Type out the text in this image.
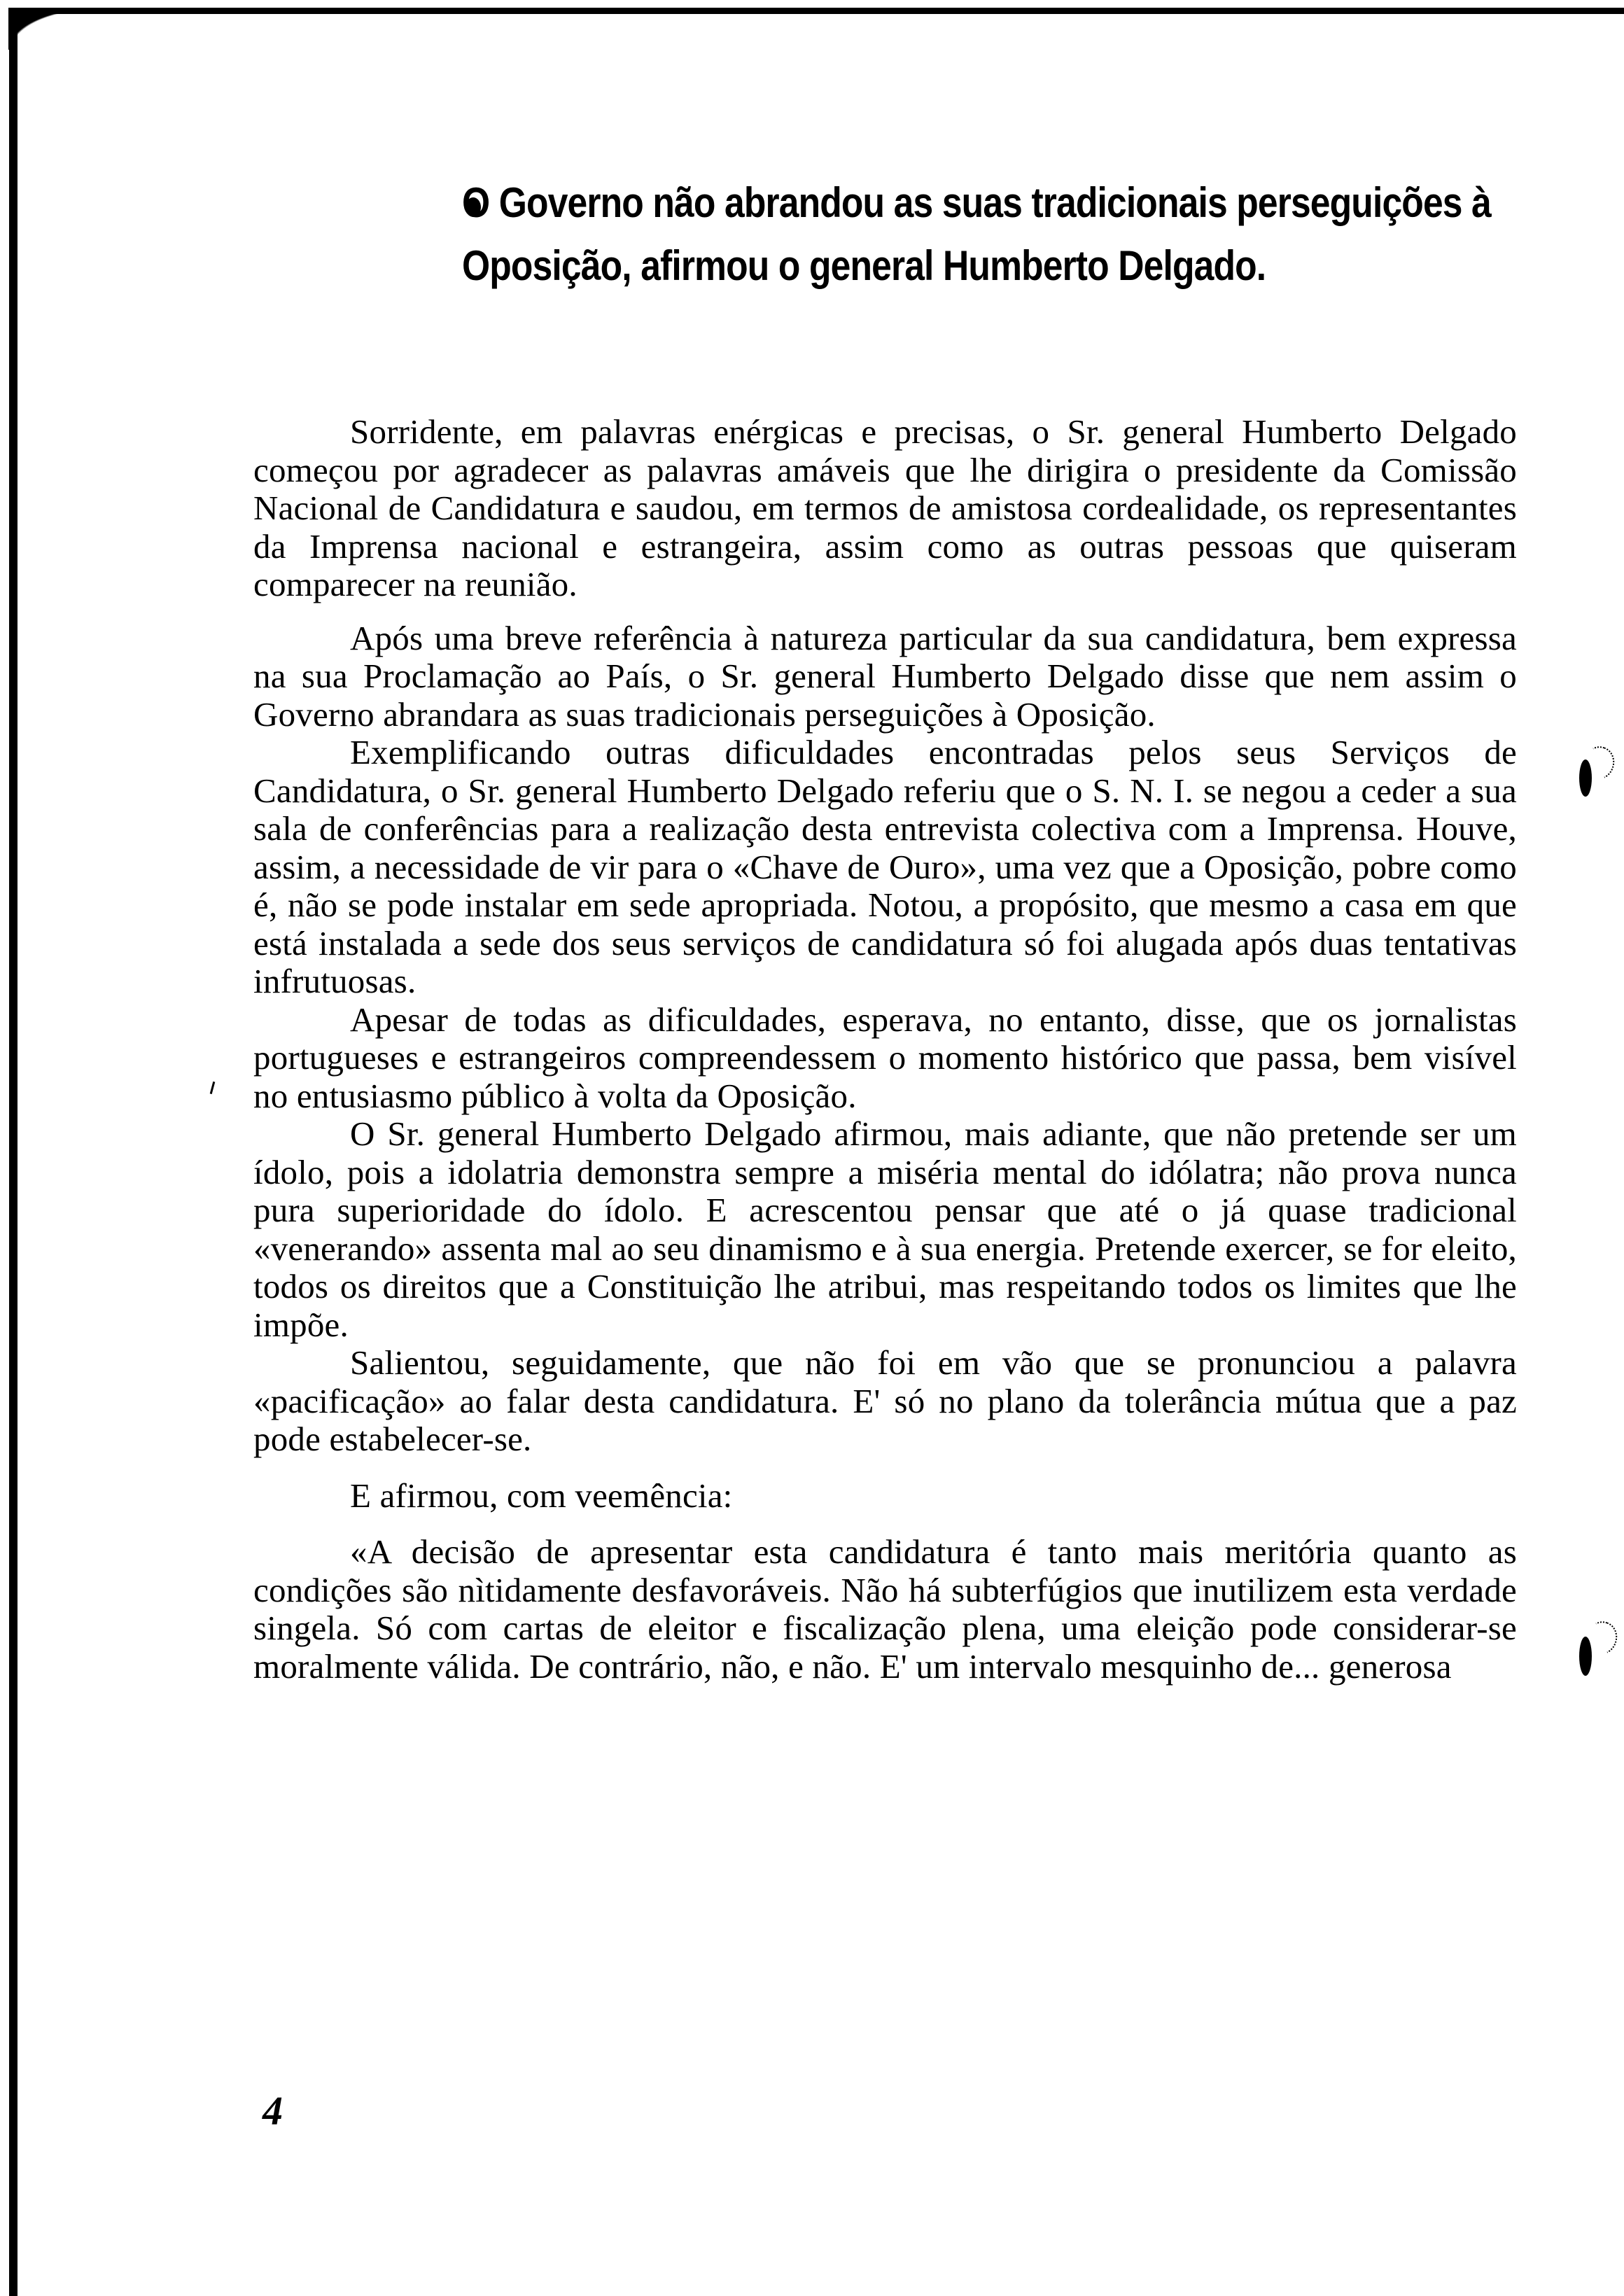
O Governo não abrandou as suas tradicionais perseguições à Oposição, afirmou o general Humberto Delgado.

Sorridente, em palavras enérgicas e precisas, o Sr. general Humberto Delgado começou por agradecer as palavras amáveis que lhe dirigira o presidente da Comissão Nacional de Candidatura e saudou, em termos de amistosa cordealidade, os representantes da Imprensa nacional e estrangeira, assim como as outras pessoas que quiseram comparecer na reunião.

Após uma breve referência à natureza particular da sua candidatura, bem expressa na sua Proclamação ao País, o Sr. general Humberto Delgado disse que nem assim o Governo abrandara as suas tradicionais perseguições à Oposição.

Exemplificando outras dificuldades encontradas pelos seus Serviços de Candidatura, o Sr. general Humberto Delgado referiu que o S. N. I. se negou a ceder a sua sala de conferências para a realização desta entrevista colectiva com a Imprensa. Houve, assim, a necessidade de vir para o «Chave de Ouro», uma vez que a Oposição, pobre como é, não se pode instalar em sede apropriada. Notou, a propósito, que mesmo a casa em que está instalada a sede dos seus serviços de candidatura só foi alugada após duas tentativas infrutuosas.

Apesar de todas as dificuldades, esperava, no entanto, disse, que os jornalistas portugueses e estrangeiros compreendessem o momento histórico que passa, bem visível no entusiasmo público à volta da Oposição.

O Sr. general Humberto Delgado afirmou, mais adiante, que não pretende ser um ídolo, pois a idolatria demonstra sempre a miséria mental do idólatra; não prova nunca pura superioridade do ídolo. E acrescentou pensar que até o já quase tradicional «venerando» assenta mal ao seu dinamismo e à sua energia. Pretende exercer, se for eleito, todos os direitos que a Constituição lhe atribui, mas respeitando todos os limites que lhe impõe.

Salientou, seguidamente, que não foi em vão que se pronunciou a palavra «pacificação» ao falar desta candidatura. E' só no plano da tolerância mútua que a paz pode estabelecer-se.

E afirmou, com veemência:

«A decisão de apresentar esta candidatura é tanto mais meritória quanto as condições são nìtidamente desfavoráveis. Não há subterfúgios que inutilizem esta verdade singela. Só com cartas de eleitor e fiscalização plena, uma eleição pode considerar-se moralmente válida. De contrário, não, e não. E' um intervalo mesquinho de... generosa

4
